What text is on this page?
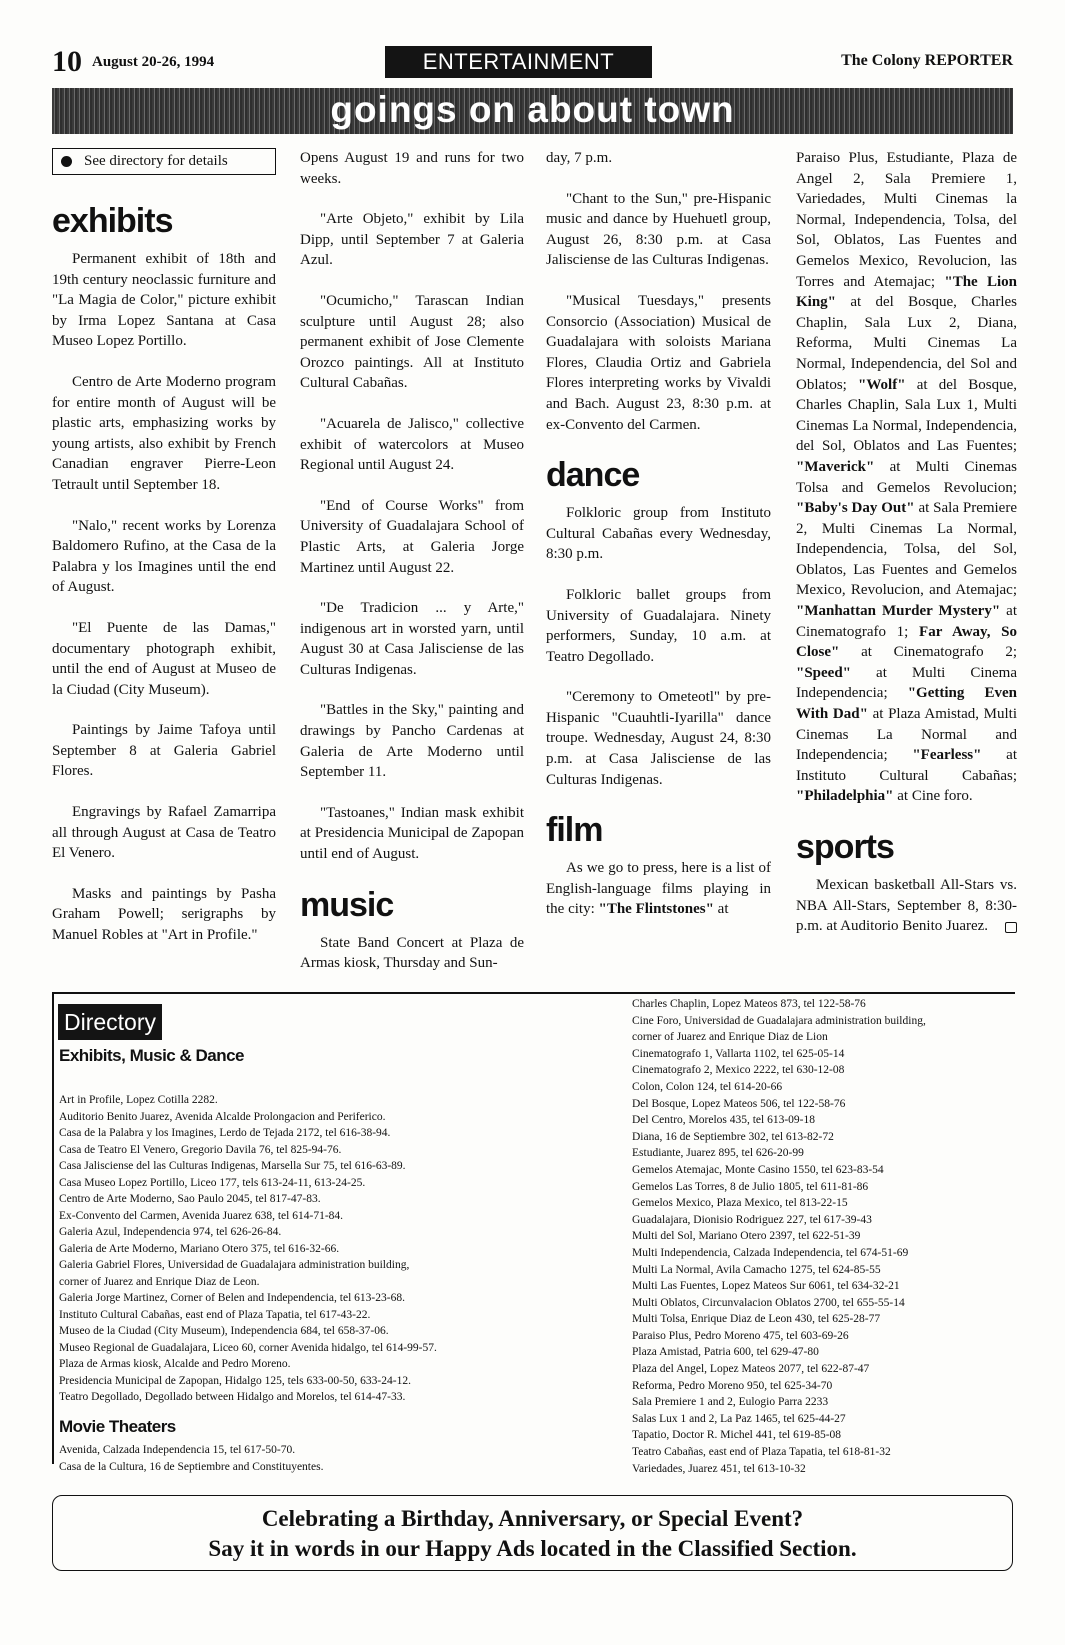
10 August 20-26, 1994	ENTERTAINMENT	The Colony REPORTER
goings on about town
See directory for details
exhibits

Permanent exhibit of 18th and 19th century neoclassic furniture and "La Magia de Color," picture exhibit by Irma Lopez Santana at Casa Museo Lopez Portillo.

Centro de Arte Moderno program for entire month of August will be plastic arts, emphasizing works by young artists, also exhibit by French Canadian engraver Pierre-Leon Tetrault until September 18.

"Nalo," recent works by Lorenza Baldomero Rufino, at the Casa de la Palabra y los Imagines until the end of August.

"El Puente de las Damas," documentary photograph exhibit, until the end of August at Museo de la Ciudad (City Museum).

Paintings by Jaime Tafoya until September 8 at Galeria Gabriel Flores.

Engravings by Rafael Zamarripa all through August at Casa de Teatro El Venero.

Masks and paintings by Pasha Graham Powell; serigraphs by Manuel Robles at "Art in Profile."

Opens August 19 and runs for two weeks.

"Arte Objeto," exhibit by Lila Dipp, until September 7 at Galeria Azul.

"Ocumicho," Tarascan Indian sculpture until August 28; also permanent exhibit of Jose Clemente Orozco paintings. All at Instituto Cultural Cabañas.

"Acuarela de Jalisco," collective exhibit of watercolors at Museo Regional until August 24.

"End of Course Works" from University of Guadalajara School of Plastic Arts, at Galeria Jorge Martinez until August 22.

"De Tradicion ... y Arte," indigenous art in worsted yarn, until August 30 at Casa Jalisciense de las Culturas Indigenas.

"Battles in the Sky," painting and drawings by Pancho Cardenas at Galeria de Arte Moderno until September 11.

"Tastoanes," Indian mask exhibit at Presidencia Municipal de Zapopan until end of August.

music

State Band Concert at Plaza de Armas kiosk, Thursday and Sun-

day, 7 p.m.

"Chant to the Sun," pre-Hispanic music and dance by Huehuetl group, August 26, 8:30 p.m. at Casa Jalisciense de las Culturas Indigenas.

"Musical Tuesdays," presents Consorcio (Association) Musical de Guadalajara with soloists Mariana Flores, Claudia Ortiz and Gabriela Flores interpreting works by Vivaldi and Bach. August 23, 8:30 p.m. at ex-Convento del Carmen.

dance

Folkloric group from Instituto Cultural Cabañas every Wednesday, 8:30 p.m.

Folkloric ballet groups from University of Guadalajara. Ninety performers, Sunday, 10 a.m. at Teatro Degollado.

"Ceremony to Ometeotl" by pre-Hispanic "Cuauhtli-Iyarilla" dance troupe. Wednesday, August 24, 8:30 p.m. at Casa Jalisciense de las Culturas Indigenas.

film

As we go to press, here is a list of English-language films playing in the city: "The Flintstones" at

Paraiso Plus, Estudiante, Plaza de Angel 2, Sala Premiere 1, Variedades, Multi Cinemas la Normal, Independencia, Tolsa, del Sol, Oblatos, Las Fuentes and Gemelos Mexico, Revolucion, las Torres and Atemajac; "The Lion King" at del Bosque, Charles Chaplin, Sala Lux 2, Diana, Reforma, Multi Cinemas La Normal, Independencia, del Sol and Oblatos; "Wolf" at del Bosque, Charles Chaplin, Sala Lux 1, Multi Cinemas La Normal, Independencia, del Sol, Oblatos and Las Fuentes; "Maverick" at Multi Cinemas Tolsa and Gemelos Revolucion; "Baby's Day Out" at Sala Premiere 2, Multi Cinemas La Normal, Independencia, Tolsa, del Sol, Oblatos, Las Fuentes and Gemelos Mexico, Revolucion, and Atemajac; "Manhattan Murder Mystery" at Cinematografo 1; Far Away, So Close" at Cinematografo 2; "Speed" at Multi Cinema Independencia; "Getting Even With Dad" at Plaza Amistad, Multi Cinemas La Normal and Independencia; "Fearless" at Instituto Cultural Cabañas; "Philadelphia" at Cine foro.

sports

Mexican basketball All-Stars vs. NBA All-Stars, September 8, 8:30- p.m. at Auditorio Benito Juarez.

Directory
Exhibits, Music & Dance
Art in Profile, Lopez Cotilla 2282.
Auditorio Benito Juarez, Avenida Alcalde Prolongacion and Periferico.
Casa de la Palabra y los Imagines, Lerdo de Tejada 2172, tel 616-38-94.
Casa de Teatro El Venero, Gregorio Davila 76, tel 825-94-76.
Casa Jalisciense del las Culturas Indigenas, Marsella Sur 75, tel 616-63-89.
Casa Museo Lopez Portillo, Liceo 177, tels 613-24-11, 613-24-25.
Centro de Arte Moderno, Sao Paulo 2045, tel 817-47-83.
Ex-Convento del Carmen, Avenida Juarez 638, tel 614-71-84.
Galeria Azul, Independencia 974, tel 626-26-84.
Galeria de Arte Moderno, Mariano Otero 375, tel 616-32-66.
Galeria Gabriel Flores, Universidad de Guadalajara administration building,
corner of Juarez and Enrique Diaz de Leon.
Galeria Jorge Martinez, Corner of Belen and Independencia, tel 613-23-68.
Instituto Cultural Cabañas, east end of Plaza Tapatia, tel 617-43-22.
Museo de la Ciudad (City Museum), Independencia 684, tel 658-37-06.
Museo Regional de Guadalajara, Liceo 60, corner Avenida hidalgo, tel 614-99-57.
Plaza de Armas kiosk, Alcalde and Pedro Moreno.
Presidencia Municipal de Zapopan, Hidalgo 125, tels 633-00-50, 633-24-12.
Teatro Degollado, Degollado between Hidalgo and Morelos, tel 614-47-33.
Movie Theaters
Avenida, Calzada Independencia 15, tel 617-50-70.
Casa de la Cultura, 16 de Septiembre and Constituyentes.
Charles Chaplin, Lopez Mateos 873, tel 122-58-76
Cine Foro, Universidad de Guadalajara administration building,
corner of Juarez and Enrique Diaz de Lion
Cinematografo 1, Vallarta 1102, tel 625-05-14
Cinematografo 2, Mexico 2222, tel 630-12-08
Colon, Colon 124, tel 614-20-66
Del Bosque, Lopez Mateos 506, tel 122-58-76
Del Centro, Morelos 435, tel 613-09-18
Diana, 16 de Septiembre 302, tel 613-82-72
Estudiante, Juarez 895, tel 626-20-99
Gemelos Atemajac, Monte Casino 1550, tel 623-83-54
Gemelos Las Torres, 8 de Julio 1805, tel 611-81-86
Gemelos Mexico, Plaza Mexico, tel 813-22-15
Guadalajara, Dionisio Rodriguez 227, tel 617-39-43
Multi del Sol, Mariano Otero 2397, tel 622-51-39
Multi Independencia, Calzada Independencia, tel 674-51-69
Multi La Normal, Avila Camacho 1275, tel 624-85-55
Multi Las Fuentes, Lopez Mateos Sur 6061, tel 634-32-21
Multi Oblatos, Circunvalacion Oblatos 2700, tel 655-55-14
Multi Tolsa, Enrique Diaz de Leon 430, tel 625-28-77
Paraiso Plus, Pedro Moreno 475, tel 603-69-26
Plaza Amistad, Patria 600, tel 629-47-80
Plaza del Angel, Lopez Mateos 2077, tel 622-87-47
Reforma, Pedro Moreno 950, tel 625-34-70
Sala Premiere 1 and 2, Eulogio Parra 2233
Salas Lux 1 and 2, La Paz 1465, tel 625-44-27
Tapatio, Doctor R. Michel 441, tel 619-85-08
Teatro Cabañas, east end of Plaza Tapatia, tel 618-81-32
Variedades, Juarez 451, tel 613-10-32
Celebrating a Birthday, Anniversary, or Special Event?
Say it in words in our Happy Ads located in the Classified Section.
